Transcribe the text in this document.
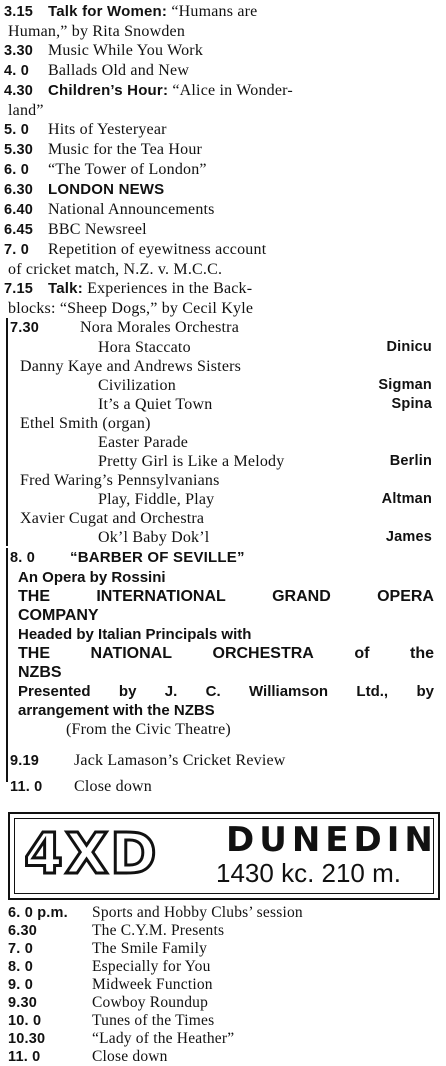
3.15 Talk for Women: “Humans are
Human,” by Rita Snowden
3.30 Music While You Work
4. 0 Ballads Old and New
4.30 Children’s Hour: “Alice in Wonder-
land”
5. 0 Hits of Yesteryear
5.30 Music for the Tea Hour
6. 0 “The Tower of London”
6.30 LONDON NEWS
6.40 National Announcements
6.45 BBC Newsreel
7. 0 Repetition of eyewitness account
of cricket match, N.Z. v. M.C.C.
7.15 Talk: Experiences in the Back-
blocks: “Sheep Dogs,” by Cecil Kyle
7.30	Nora Morales Orchestra
Hora Staccato	Dinicu
Danny Kaye and Andrews Sisters
Civilization	Sigman
It’s a Quiet Town	Spina
Ethel Smith (organ)
Easter Parade
Pretty Girl is Like a Melody	Berlin
Fred Waring’s Pennsylvanians
Play, Fiddle, Play	Altman
Xavier Cugat and Orchestra
Ok’l Baby Dok’l	James
8. 0 “BARBER OF SEVILLE”
An Opera by Rossini
THE	INTERNATIONAL	GRAND	OPERA
COMPANY
Headed by Italian Principals with
THE	NATIONAL	ORCHESTRA	of	the
NZBS
Presented by J. C. Williamson Ltd., by
arrangement with the NZBS
(From the Civic Theatre)
9.19 Jack Lamason’s Cricket Review
11. 0 Close down
4XD DUNEDIN
1430 kc. 210 m.
6. 0 p.m. Sports and Hobby Clubs’ session
6.30	The C.Y.M. Presents
7. 0	The Smile Family
8. 0	Especially for You
9. 0	Midweek Function
9.30	Cowboy Roundup
10. 0	Tunes of the Times
10.30	“Lady of the Heather”
11. 0	Close down
